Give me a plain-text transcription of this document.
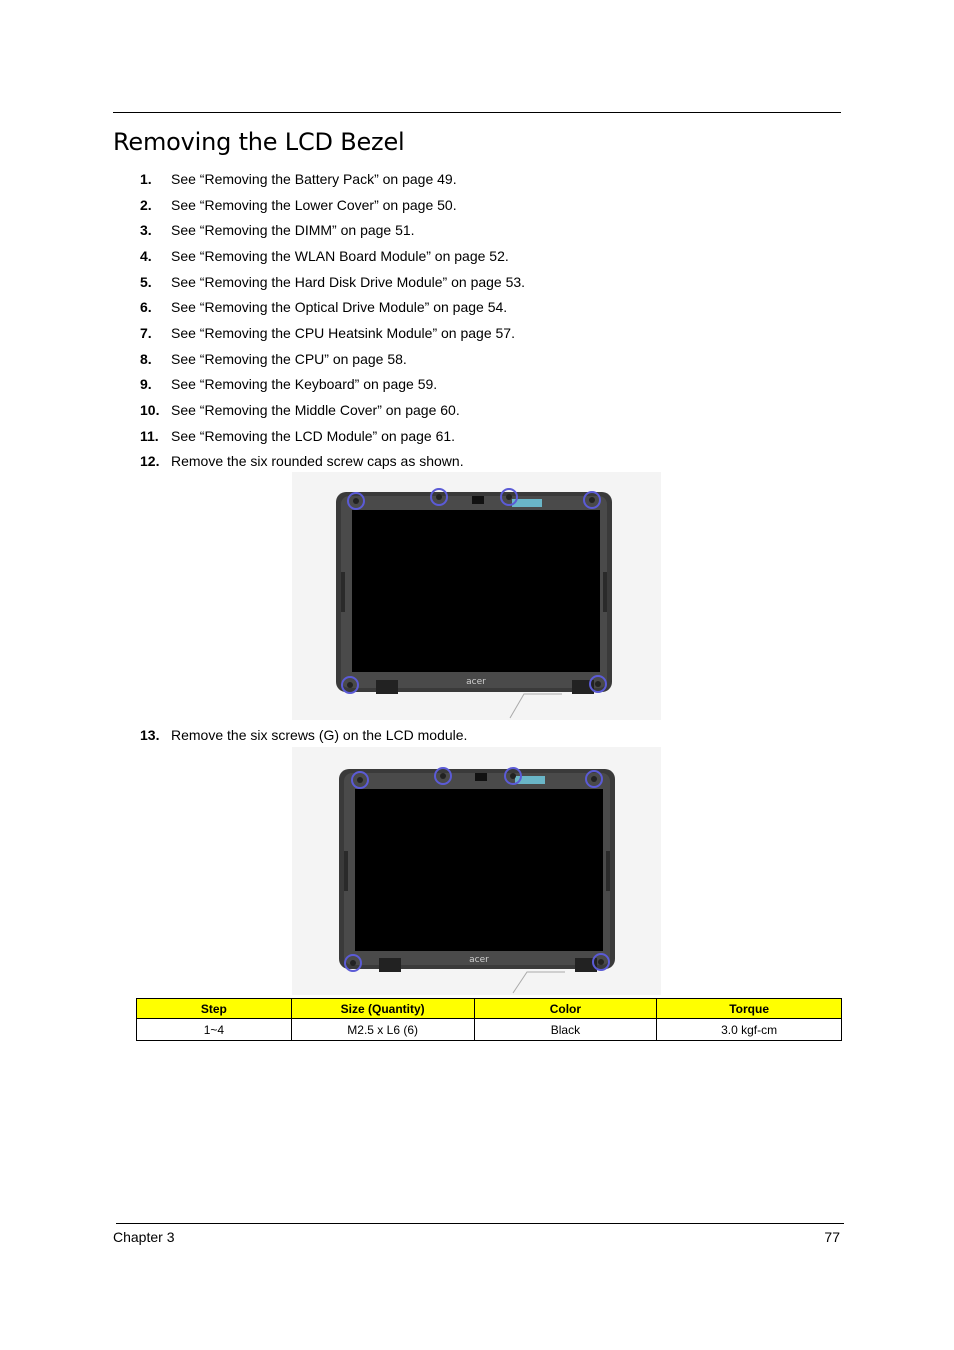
Removing the LCD Bezel
1. See “Removing the Battery Pack” on page 49.
2. See “Removing the Lower Cover” on page 50.
3. See “Removing the DIMM” on page 51.
4. See “Removing the WLAN Board Module” on page 52.
5. See “Removing the Hard Disk Drive Module” on page 53.
6. See “Removing the Optical Drive Module” on page 54.
7. See “Removing the CPU Heatsink Module” on page 57.
8. See “Removing the CPU” on page 58.
9. See “Removing the Keyboard” on page 59.
10. See “Removing the Middle Cover” on page 60.
11. See “Removing the LCD Module” on page 61.
12. Remove the six rounded screw caps as shown.
acer
13. Remove the six screws (G) on the LCD module.
acer
Step	Size (Quantity)	Color	Torque
1~4	M2.5 x L6 (6)	Black	3.0 kgf-cm
Chapter 3	77
